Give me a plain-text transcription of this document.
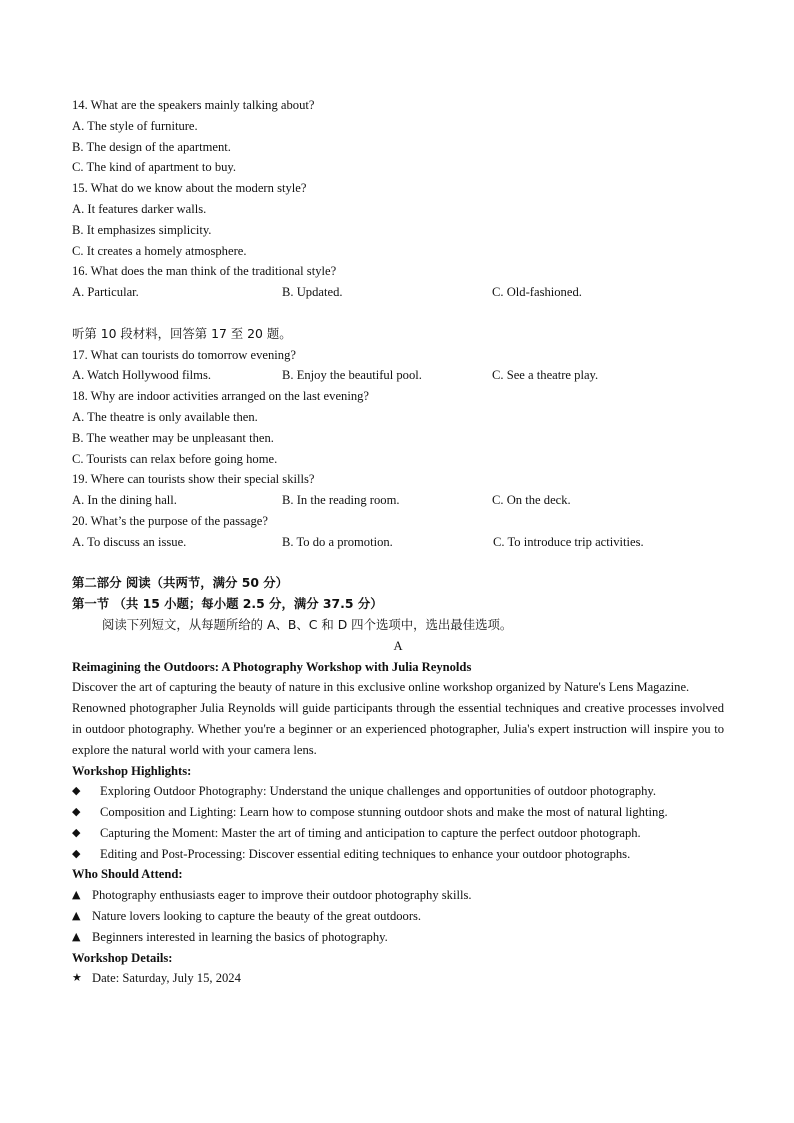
14. What are the speakers mainly talking about?
A. The style of furniture.
B. The design of the apartment.
C. The kind of apartment to buy.
15. What do we know about the modern style?
A. It features darker walls.
B. It emphasizes simplicity.
C. It creates a homely atmosphere.
16. What does the man think of the traditional style?
A. Particular.	B. Updated.	C. Old-fashioned.
听第 10 段材料，回答第 17 至 20 题。
17. What can tourists do tomorrow evening?
A. Watch Hollywood films.	B. Enjoy the beautiful pool.	C. See a theatre play.
18. Why are indoor activities arranged on the last evening?
A. The theatre is only available then.
B. The weather may be unpleasant then.
C. Tourists can relax before going home.
19. Where can tourists show their special skills?
A. In the dining hall.	B. In the reading room.	C. On the deck.
20. What’s the purpose of the passage?
A. To discuss an issue.	B. To do a promotion.	C. To introduce trip activities.
第二部分 阅读（共两节，满分 50 分）
第一节 （共 15 小题；每小题 2.5 分，满分 37.5 分）
阅读下列短文，从每题所给的 A、B、C 和 D 四个选项中，选出最佳选项。
A
Reimagining the Outdoors: A Photography Workshop with Julia Reynolds
Discover the art of capturing the beauty of nature in this exclusive online workshop organized by Nature's Lens Magazine.
Renowned photographer Julia Reynolds will guide participants through the essential techniques and creative processes involved in outdoor photography. Whether you're a beginner or an experienced photographer, Julia's expert instruction will inspire you to explore the natural world with your camera lens.
Workshop Highlights:
◆ Exploring Outdoor Photography: Understand the unique challenges and opportunities of outdoor photography.
◆ Composition and Lighting: Learn how to compose stunning outdoor shots and make the most of natural lighting.
◆ Capturing the Moment: Master the art of timing and anticipation to capture the perfect outdoor photograph.
◆ Editing and Post-Processing: Discover essential editing techniques to enhance your outdoor photographs.
Who Should Attend:
▲ Photography enthusiasts eager to improve their outdoor photography skills.
▲ Nature lovers looking to capture the beauty of the great outdoors.
▲ Beginners interested in learning the basics of photography.
Workshop Details:
★ Date: Saturday, July 15, 2024
